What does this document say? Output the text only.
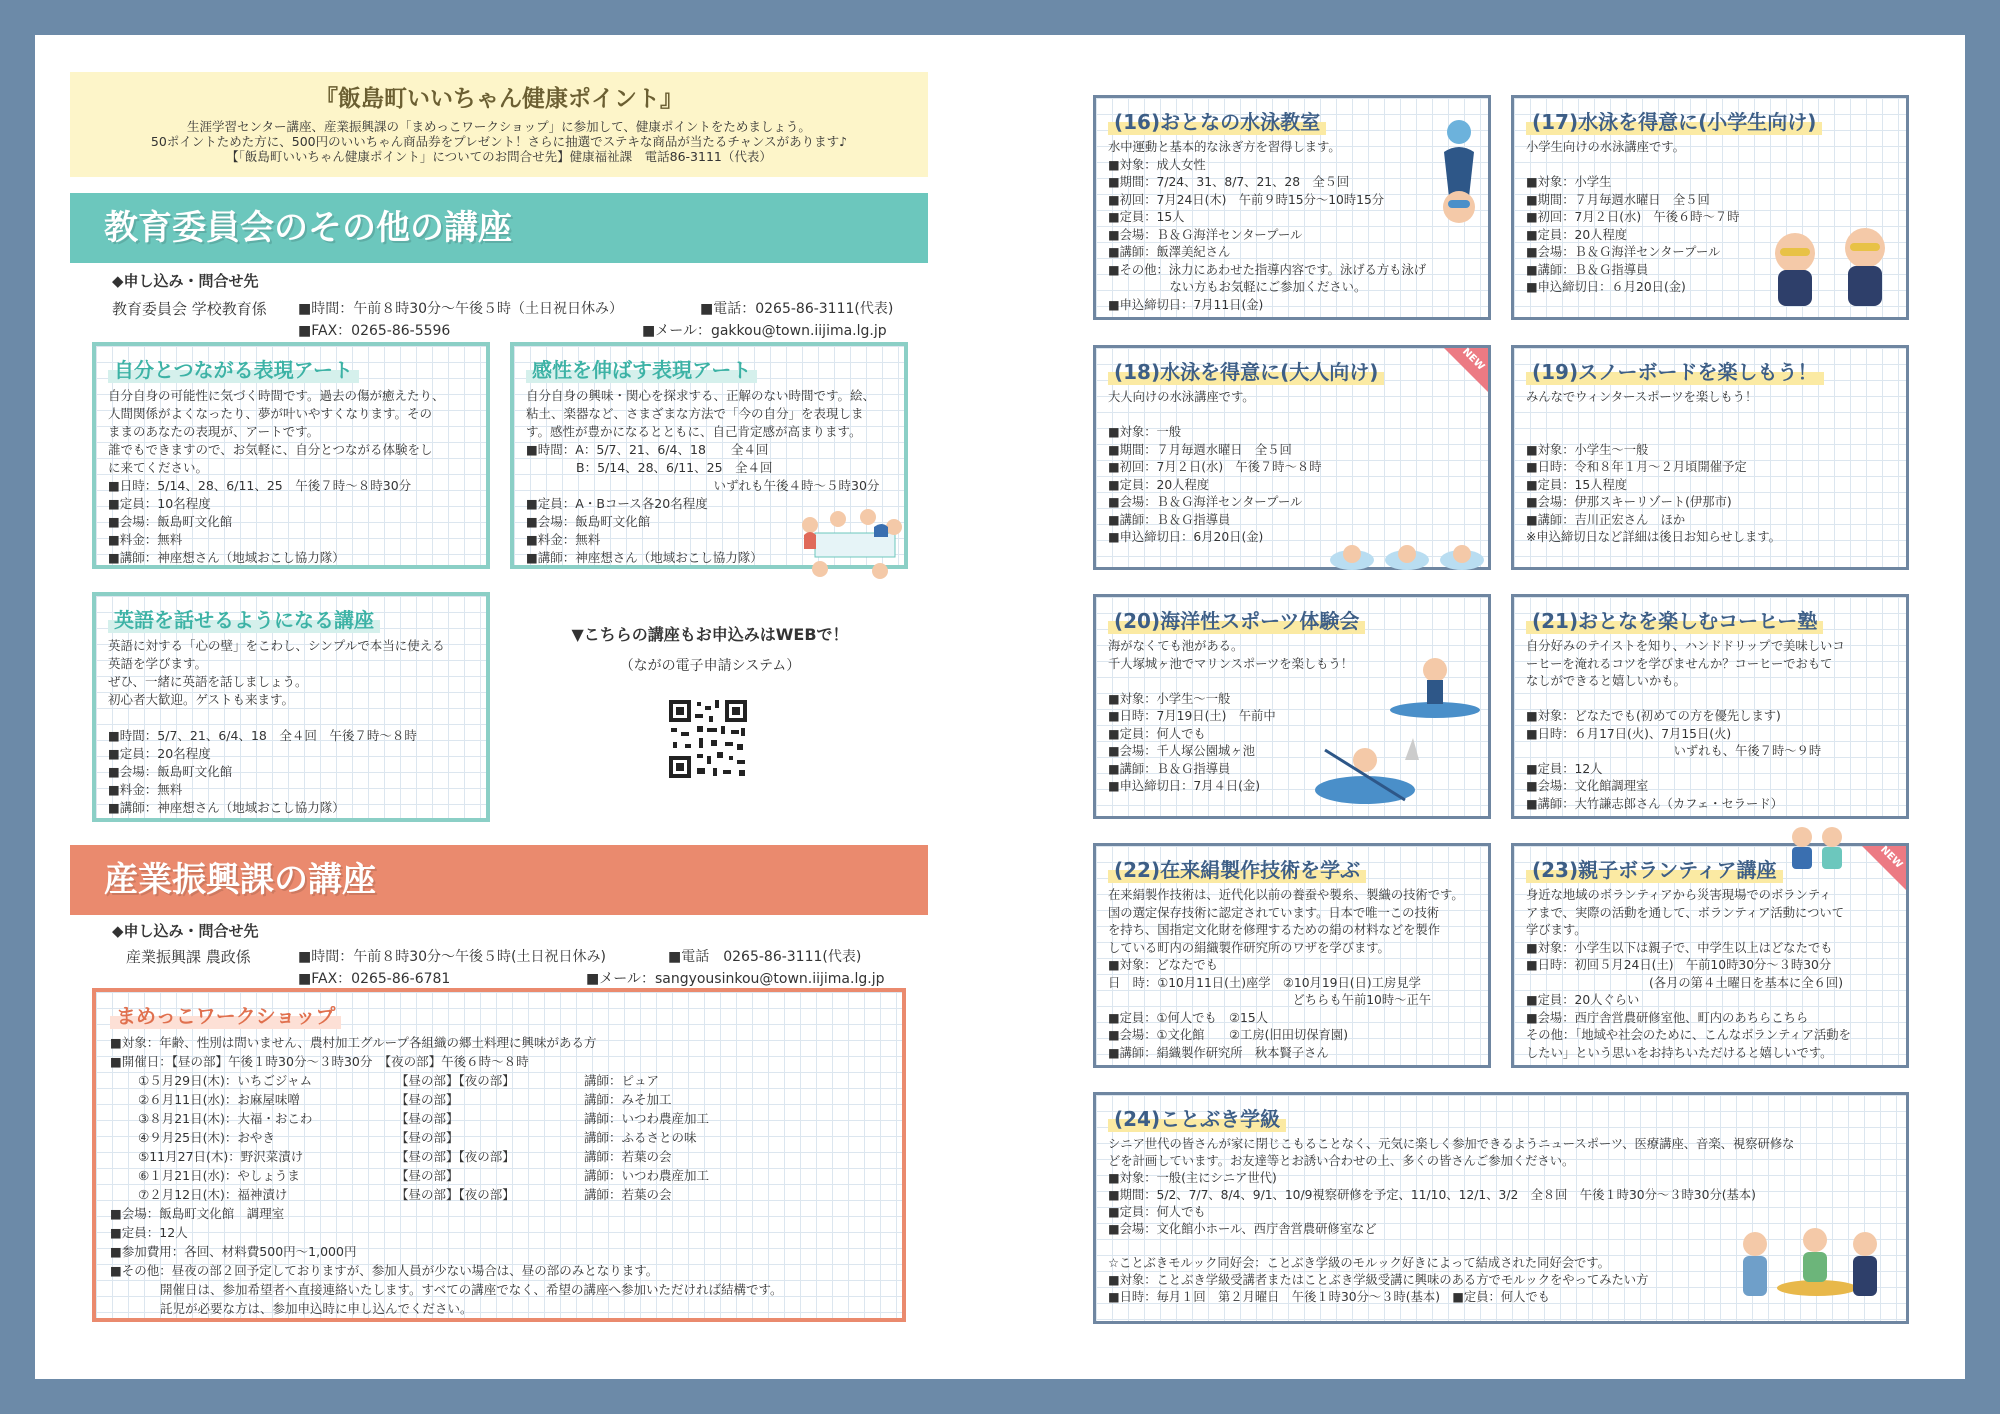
『飯島町いいちゃん健康ポイント』
生涯学習センター講座、産業振興課の「まめっこワークショップ」に参加して、健康ポイントをためましょう。
50ポイントためた方に、500円のいいちゃん商品券をプレゼント！さらに抽選でステキな商品が当たるチャンスがあります♪
【「飯島町いいちゃん健康ポイント」についてのお問合せ先】健康福祉課　電話86-3111（代表）
教育委員会のその他の講座
◆申し込み・問合せ先
教育委員会 学校教育係 ■時間：午前８時30分～午後５時（土日祝日休み）	■電話：0265-86-3111(代表)
■FAX：0265-86-5596	■メール：gakkou@town.iijima.lg.jp
自分とつながる表現アート
自分自身の可能性に気づく時間です。過去の傷が癒えたり、
人間関係がよくなったり、夢が叶いやすくなります。その
ままのあなたの表現が、アートです。
誰でもできますので、お気軽に、自分とつながる体験をし
に来てください。
■日時：5/14、28、6/11、25　午後７時～８時30分
■定員：10名程度
■会場：飯島町文化館
■料金：無料
■講師：神座想さん（地域おこし協力隊）
感性を伸ばす表現アート
自分自身の興味・関心を探求する、正解のない時間です。絵、
粘土、楽器など、さまざまな方法で「今の自分」を表現しま
す。感性が豊かになるとともに、自己肯定感が高まります。
■時間：A：5/7、21、6/4、18　　全４回
　　　　B：5/14、28、6/11、25　全４回
　　　　　　　　　　　　　　　いずれも午後４時～５時30分
■定員：A・Bコース各20名程度
■会場：飯島町文化館
■料金：無料
■講師：神座想さん（地域おこし協力隊）
英語を話せるようになる講座
英語に対する「心の壁」をこわし、シンプルで本当に使える
英語を学びます。
ぜひ、一緒に英語を話しましょう。
初心者大歓迎。ゲストも来ます。

■時間：5/7、21、6/4、18　全４回　午後７時～８時
■定員：20名程度
■会場：飯島町文化館
■料金：無料
■講師：神座想さん（地域おこし協力隊）
▼こちらの講座もお申込みはWEBで！
（ながの電子申請システム）
産業振興課の講座
◆申し込み・問合せ先
産業振興課 農政係	■時間：午前８時30分～午後５時(土日祝日休み)	■電話　0265-86-3111(代表)
■FAX：0265-86-6781	■メール：sangyousinkou@town.iijima.lg.jp
まめっこワークショップ
■対象：年齢、性別は問いません、農村加工グループ各組織の郷土料理に興味がある方
■開催日：【昼の部】午後１時30分～３時30分　【夜の部】午後６時～８時
①５月29日(木)：いちごジャム	【昼の部】【夜の部】	講師：ピュア
②６月11日(水)：お麻屋味噌	【昼の部】	講師：みそ加工
③８月21日(木)：大福・おこわ	【昼の部】	講師：いつわ農産加工
④９月25日(木)：おやき	【昼の部】	講師：ふるさとの味
⑤11月27日(木)：野沢菜漬け	【昼の部】【夜の部】	講師：若葉の会
⑥１月21日(水)：やしょうま	【昼の部】	講師：いつわ農産加工
⑦２月12日(木)：福神漬け	【昼の部】【夜の部】	講師：若葉の会
■会場：飯島町文化館　調理室
■定員：12人
■参加費用：各回、材料費500円～1,000円
■その他：昼夜の部２回予定しておりますが、参加人員が少ない場合は、昼の部のみとなります。
　　　　開催日は、参加希望者へ直接連絡いたします。すべての講座でなく、希望の講座へ参加いただければ結構です。
　　　　託児が必要な方は、参加申込時に申し込んでください。
(16)おとなの水泳教室
水中運動と基本的な泳ぎ方を習得します。
■対象：成人女性
■期間：7/24、31、8/7、21、28　全５回
■初回：7月24日(木)　午前９時15分～10時15分
■定員：15人
■会場：Ｂ＆Ｇ海洋センタープール
■講師：飯澤美紀さん
■その他：泳力にあわせた指導内容です。泳げる方も泳げ
　　　　　ない方もお気軽にご参加ください。
■申込締切日：7月11日(金)
(17)水泳を得意に(小学生向け)
小学生向けの水泳講座です。

■対象：小学生
■期間：７月毎週水曜日　全５回
■初回：7月２日(水)　午後６時～７時
■定員：20人程度
■会場：Ｂ＆Ｇ海洋センタープール
■講師：Ｂ＆Ｇ指導員
■申込締切日：６月20日(金)
(18)水泳を得意に(大人向け)
大人向けの水泳講座です。

■対象：一般
■期間：７月毎週水曜日　全５回
■初回：7月２日(水)　午後７時～８時
■定員：20人程度
■会場：Ｂ＆Ｇ海洋センタープール
■講師：Ｂ＆Ｇ指導員
■申込締切日：6月20日(金)
NEW	(19)スノーボードを楽しもう！
みんなでウィンタースポーツを楽しもう！

■対象：小学生～一般
■日時：令和８年１月～２月頃開催予定
■定員：15人程度
■会場：伊那スキーリゾート(伊那市)
■講師：吉川正宏さん　ほか
※申込締切日など詳細は後日お知らせします。
(20)海洋性スポーツ体験会
海がなくても池がある。
千人塚城ヶ池でマリンスポーツを楽しもう！

■対象：小学生～一般
■日時：7月19日(土)　午前中
■定員：何人でも
■会場：千人塚公園城ヶ池
■講師：Ｂ＆Ｇ指導員
■申込締切日：7月４日(金)
(21)おとなを楽しむコーヒー塾
自分好みのテイストを知り、ハンドドリップで美味しいコ
ーヒーを淹れるコツを学びませんか？コーヒーでおもて
なしができると嬉しいかも。

■対象：どなたでも(初めての方を優先します)
■日時：６月17日(火)、7月15日(火)
　　　　　　　　　　　　いずれも、午後７時～９時
■定員：12人
■会場：文化館調理室
■講師：大竹謙志郎さん（カフェ・セラード）
(22)在来絹製作技術を学ぶ
在来絹製作技術は、近代化以前の養蚕や製糸、製織の技術です。
国の選定保存技術に認定されています。日本で唯一この技術
を持ち、国指定文化財を修理するための絹の材料などを製作
している町内の絹織製作研究所のワザを学びます。
■対象：どなたでも
日　時：①10月11日(土)座学　②10月19日(日)工房見学
　　　　　　　　　　　　　　　どちらも午前10時～正午
■定員：①何人でも　②15人
■会場：①文化館　　②工房(旧田切保育園)
■講師：絹織製作研究所　秋本賢子さん
(23)親子ボランティア講座
身近な地域のボランティアから災害現場でのボランティ
アまで、実際の活動を通して、ボランティア活動について
学びます。
■対象：小学生以下は親子で、中学生以上はどなたでも
■日時：初回５月24日(土)　午前10時30分～３時30分
　　　　　　　　　　(各月の第４土曜日を基本に全６回)
■定員：20人ぐらい
■会場：西庁舎営農研修室他、町内のあちらこちら
その他：「地域や社会のために、こんなボランティア活動を
したい」という思いをお持ちいただけると嬉しいです。
NEW
(24)ことぶき学級
シニア世代の皆さんが家に閉じこもることなく、元気に楽しく参加できるようニュースポーツ、医療講座、音楽、視察研修な
どを計画しています。お友達等とお誘い合わせの上、多くの皆さんご参加ください。
■対象：一般(主にシニア世代)
■期間：5/2、7/7、8/4、9/1、10/9視察研修を予定、11/10、12/1、3/2　全８回　午後１時30分～３時30分(基本)
■定員：何人でも
■会場：文化館小ホール、西庁舎営農研修室など

☆ことぶきモルック同好会：ことぶき学級のモルック好きによって結成された同好会です。
■対象：ことぶき学級受講者またはことぶき学級受講に興味のある方でモルックをやってみたい方
■日時：毎月１回　第２月曜日　午後１時30分～３時(基本)　■定員：何人でも
